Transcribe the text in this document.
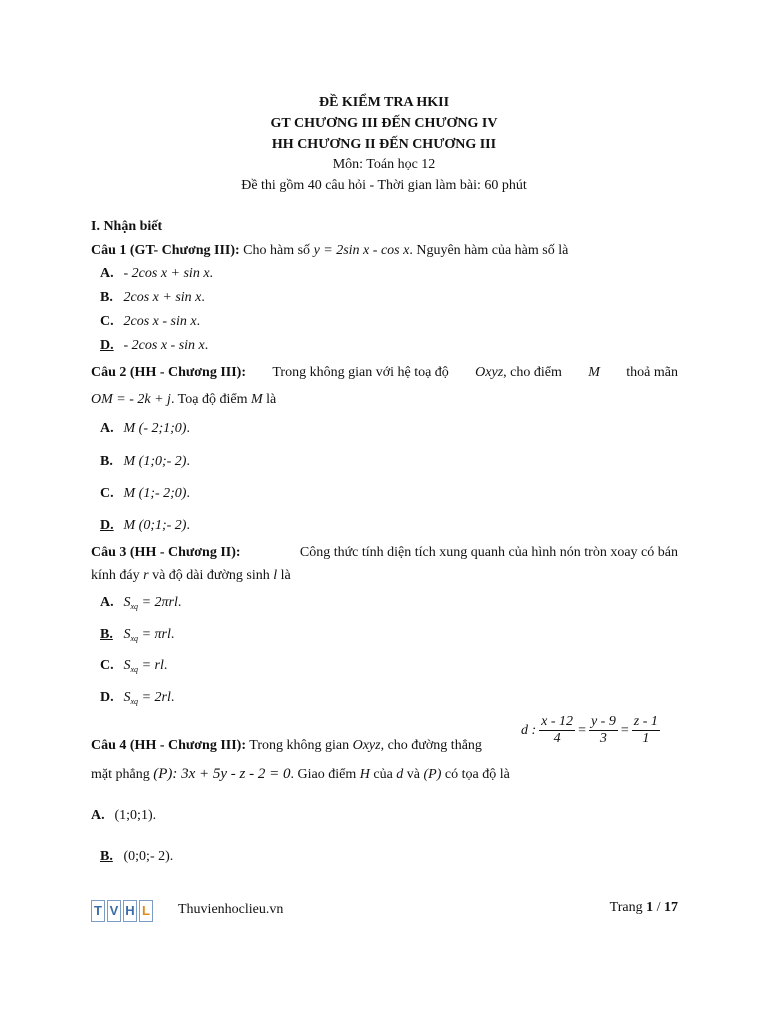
ĐỀ KIỂM TRA HKII
GT CHƯƠNG III ĐẾN CHƯƠNG IV
HH CHƯƠNG II ĐẾN CHƯƠNG III
Môn: Toán học 12
Đề thi gồm 40 câu hỏi - Thời gian làm bài: 60 phút
I. Nhận biết
Câu 1 (GT- Chương III): Cho hàm số y = 2sin x - cos x. Nguyên hàm của hàm số là
A. - 2cos x + sin x.
B. 2cos x + sin x.
C. 2cos x - sin x.
D. - 2cos x - sin x.
Câu 2 (HH - Chương III): Trong không gian với hệ toạ độ Oxyz, cho điểm M thoả mãn
OM = - 2k + j. Toạ độ điểm M là
A. M (- 2;1;0).
B. M (1;0;- 2).
C. M (1;- 2;0).
D. M (0;1;- 2).
Câu 3 (HH - Chương II):	Công thức tính diện tích xung quanh của hình nón tròn xoay có bán
kính đáy r và độ dài đường sinh l là
A. $S_{xq} = 2\pi rl$.
B. $S_{xq} = \pi rl$.
C. $S_{xq}$ = rl.
D. $S_{xq} = 2rl$.
Câu 4 (HH - Chương III): Trong không gian Oxyz, cho đường thẳng
d : $\frac{x - 12}{4} = \frac{y - 9}{3} = \frac{z - 1}{1}$
mặt phẳng (P): 3x + 5y - z - 2 = 0. Giao điểm H của d và (P) có tọa độ là
A. (1;0;1).
B. (0;0;- 2).
T V H L Thuvienhoclieu.vn	Trang 1 / 17
